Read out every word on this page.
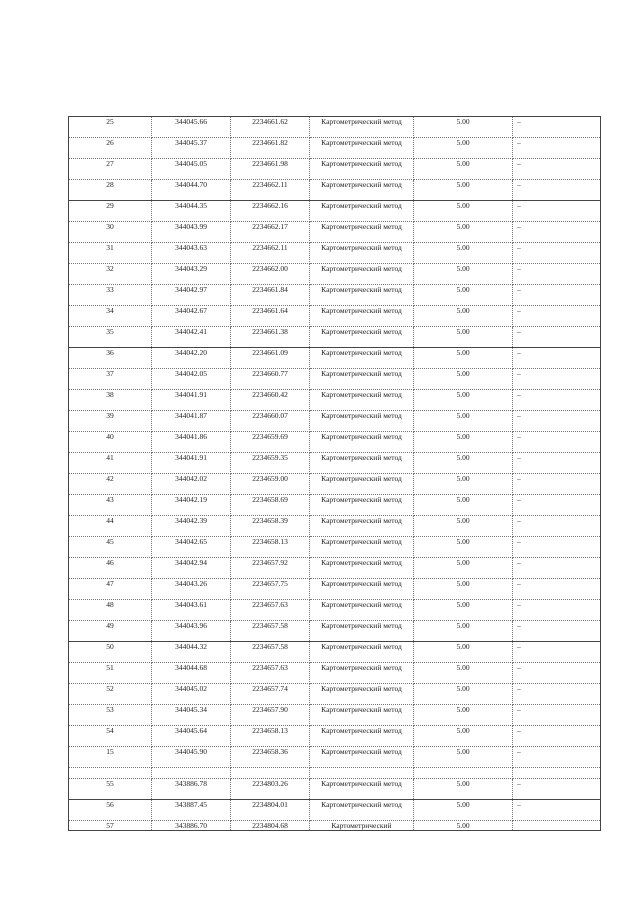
25	344045.66	2234661.62	Картометрический метод	5.00	–
26	344045.37	2234661.82	Картометрический метод	5.00	–
27	344045.05	2234661.98	Картометрический метод	5.00	–
28	344044.70	2234662.11	Картометрический метод	5.00	–
29	344044.35	2234662.16	Картометрический метод	5.00	–
30	344043.99	2234662.17	Картометрический метод	5.00	–
31	344043.63	2234662.11	Картометрический метод	5.00	–
32	344043.29	2234662.00	Картометрический метод	5.00	–
33	344042.97	2234661.84	Картометрический метод	5.00	–
34	344042.67	2234661.64	Картометрический метод	5.00	–
35	344042.41	2234661.38	Картометрический метод	5.00	–
36	344042.20	2234661.09	Картометрический метод	5.00	–
37	344042.05	2234660.77	Картометрический метод	5.00	–
38	344041.91	2234660.42	Картометрический метод	5.00	–
39	344041.87	2234660.07	Картометрический метод	5.00	–
40	344041.86	2234659.69	Картометрический метод	5.00	–
41	344041.91	2234659.35	Картометрический метод	5.00	–
42	344042.02	2234659.00	Картометрический метод	5.00	–
43	344042.19	2234658.69	Картометрический метод	5.00	–
44	344042.39	2234658.39	Картометрический метод	5.00	–
45	344042.65	2234658.13	Картометрический метод	5.00	–
46	344042.94	2234657.92	Картометрический метод	5.00	–
47	344043.26	2234657.75	Картометрический метод	5.00	–
48	344043.61	2234657.63	Картометрический метод	5.00	–
49	344043.96	2234657.58	Картометрический метод	5.00	–
50	344044.32	2234657.58	Картометрический метод	5.00	–
51	344044.68	2234657.63	Картометрический метод	5.00	–
52	344045.02	2234657.74	Картометрический метод	5.00	–
53	344045.34	2234657.90	Картометрический метод	5.00	–
54	344045.64	2234658.13	Картометрический метод	5.00	–
15	344045.90	2234658.36	Картометрический метод	5.00	–

55	343886.78	2234803.26	Картометрический метод	5.00	–
56	343887.45	2234804.01	Картометрический метод	5.00	–
57	343886.70	2234804.68	Картометрический	5.00	
